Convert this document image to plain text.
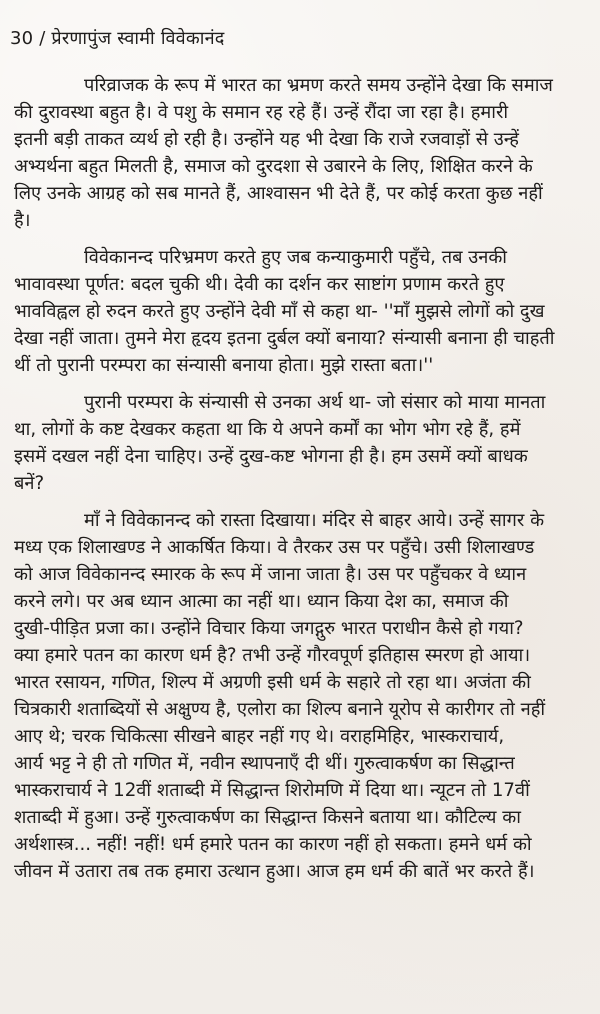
30 / प्रेरणापुंज स्वामी विवेकानंद
परिव्राजक के रूप में भारत का भ्रमण करते समय उन्होंने देखा कि समाज
की दुरावस्था बहुत है। वे पशु के समान रह रहे हैं। उन्हें रौंदा जा रहा है। हमारी
इतनी बड़ी ताकत व्यर्थ हो रही है। उन्होंने यह भी देखा कि राजे रजवाड़ों से उन्हें
अभ्यर्थना बहुत मिलती है, समाज को दुरदशा से उबारने के लिए, शिक्षित करने के
लिए उनके आग्रह को सब मानते हैं, आश्वासन भी देते हैं, पर कोई करता कुछ नहीं
है।
विवेकानन्द परिभ्रमण करते हुए जब कन्याकुमारी पहुँचे, तब उनकी
भावावस्था पूर्णत: बदल चुकी थी। देवी का दर्शन कर साष्टांग प्रणाम करते हुए
भावविह्वल हो रुदन करते हुए उन्होंने देवी माँ से कहा था- ''माँ मुझसे लोगों को दुख
देखा नहीं जाता। तुमने मेरा हृदय इतना दुर्बल क्यों बनाया? संन्यासी बनाना ही चाहती
थीं तो पुरानी परम्परा का संन्यासी बनाया होता। मुझे रास्ता बता।''
पुरानी परम्परा के संन्यासी से उनका अर्थ था- जो संसार को माया मानता
था, लोगों के कष्ट देखकर कहता था कि ये अपने कर्मों का भोग भोग रहे हैं, हमें
इसमें दखल नहीं देना चाहिए। उन्हें दुख-कष्ट भोगना ही है। हम उसमें क्यों बाधक
बनें?
माँ ने विवेकानन्द को रास्ता दिखाया। मंदिर से बाहर आये। उन्हें सागर के
मध्य एक शिलाखण्ड ने आकर्षित किया। वे तैरकर उस पर पहुँचे। उसी शिलाखण्ड
को आज विवेकानन्द स्मारक के रूप में जाना जाता है। उस पर पहुँचकर वे ध्यान
करने लगे। पर अब ध्यान आत्मा का नहीं था। ध्यान किया देश का, समाज की
दुखी-पीड़ित प्रजा का। उन्होंने विचार किया जगद्गुरु भारत पराधीन कैसे हो गया?
क्या हमारे पतन का कारण धर्म है? तभी उन्हें गौरवपूर्ण इतिहास स्मरण हो आया।
भारत रसायन, गणित, शिल्प में अग्रणी इसी धर्म के सहारे तो रहा था। अजंता की
चित्रकारी शताब्दियों से अक्षुण्य है, एलोरा का शिल्प बनाने यूरोप से कारीगर तो नहीं
आए थे; चरक चिकित्सा सीखने बाहर नहीं गए थे। वराहमिहिर, भास्कराचार्य,
आर्य भट्ट ने ही तो गणित में, नवीन स्थापनाएँ दी थीं। गुरुत्वाकर्षण का सिद्धान्त
भास्कराचार्य ने 12वीं शताब्दी में सिद्धान्त शिरोमणि में दिया था। न्यूटन तो 17वीं
शताब्दी में हुआ। उन्हें गुरुत्वाकर्षण का सिद्धान्त किसने बताया था। कौटिल्य का
अर्थशास्त्र... नहीं! नहीं! धर्म हमारे पतन का कारण नहीं हो सकता। हमने धर्म को
जीवन में उतारा तब तक हमारा उत्थान हुआ। आज हम धर्म की बातें भर करते हैं।
